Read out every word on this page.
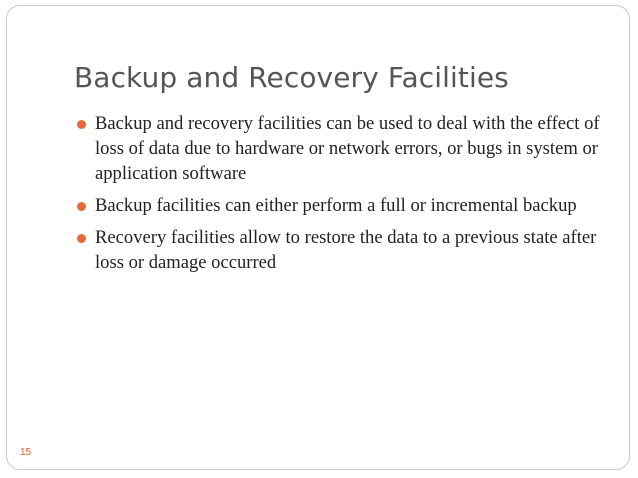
Backup and Recovery Facilities
Backup and recovery facilities can be used to deal with the effect of loss of data due to hardware or network errors, or bugs in system or application software
Backup facilities can either perform a full or incremental backup
Recovery facilities allow to restore the data to a previous state after loss or damage occurred
15
